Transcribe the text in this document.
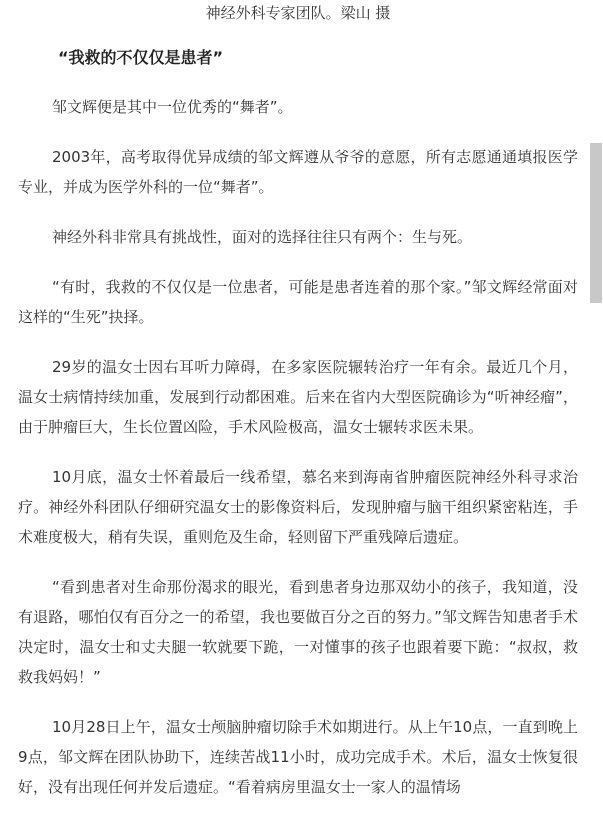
神经外科专家团队。梁山 摄

“我救的不仅仅是患者”

邹文辉便是其中一位优秀的“舞者”。

2003年，高考取得优异成绩的邹文辉遵从爷爷的意愿，所有志愿通通填报医学专业，并成为医学外科的一位“舞者”。

神经外科非常具有挑战性，面对的选择往往只有两个：生与死。

“有时，我救的不仅仅是一位患者，可能是患者连着的那个家。”邹文辉经常面对这样的“生死”抉择。

29岁的温女士因右耳听力障碍，在多家医院辗转治疗一年有余。最近几个月，温女士病情持续加重，发展到行动都困难。后来在省内大型医院确诊为“听神经瘤”，由于肿瘤巨大，生长位置凶险，手术风险极高，温女士辗转求医未果。

10月底，温女士怀着最后一线希望，慕名来到海南省肿瘤医院神经外科寻求治疗。神经外科团队仔细研究温女士的影像资料后，发现肿瘤与脑干组织紧密粘连，手术难度极大，稍有失误，重则危及生命，轻则留下严重残障后遗症。

“看到患者对生命那份渴求的眼光，看到患者身边那双幼小的孩子，我知道，没有退路，哪怕仅有百分之一的希望，我也要做百分之百的努力。”邹文辉告知患者手术决定时，温女士和丈夫腿一软就要下跪，一对懂事的孩子也跟着要下跪：“叔叔，救救我妈妈！”

10月28日上午，温女士颅脑肿瘤切除手术如期进行。从上午10点，一直到晚上9点，邹文辉在团队协助下，连续苦战11小时，成功完成手术。术后，温女士恢复很好，没有出现任何并发后遗症。“看着病房里温女士一家人的温情场
